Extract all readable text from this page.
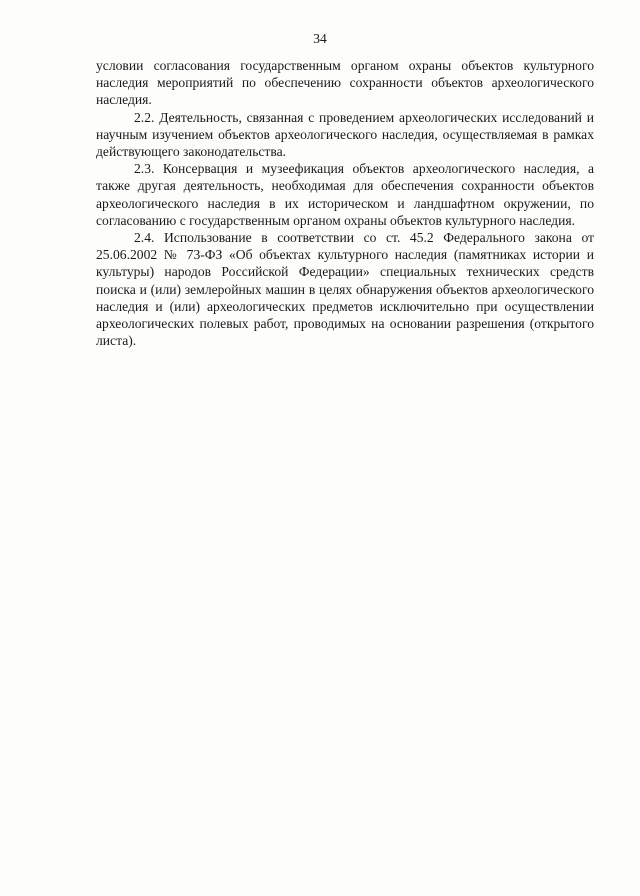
34

условии согласования государственным органом охраны объектов культурного наследия мероприятий по обеспечению сохранности объектов археологического наследия.

2.2. Деятельность, связанная с проведением археологических исследований и научным изучением объектов археологического наследия, осуществляемая в рамках действующего законодательства.

2.3. Консервация и музеефикация объектов археологического наследия, а также другая деятельность, необходимая для обеспечения сохранности объектов археологического наследия в их историческом и ландшафтном окружении, по согласованию с государственным органом охраны объектов культурного наследия.

2.4. Использование в соответствии со ст. 45.2 Федерального закона от 25.06.2002 № 73-ФЗ «Об объектах культурного наследия (памятниках истории и культуры) народов Российской Федерации» специальных технических средств поиска и (или) землеройных машин в целях обнаружения объектов археологического наследия и (или) археологических предметов исключительно при осуществлении археологических полевых работ, проводимых на основании разрешения (открытого листа).
